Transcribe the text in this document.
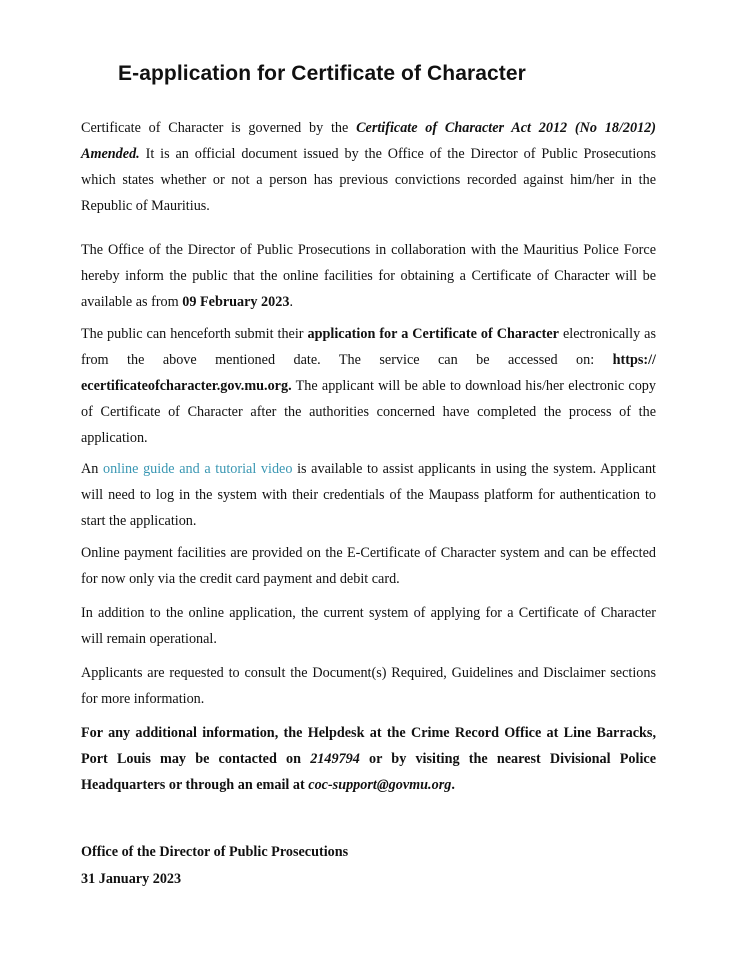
E-application for Certificate of Character

Certificate of Character is governed by the Certificate of Character Act 2012 (No 18/2012) Amended. It is an official document issued by the Office of the Director of Public Prosecutions which states whether or not a person has previous convictions recorded against him/her in the Republic of Mauritius.

The Office of the Director of Public Prosecutions in collaboration with the Mauritius Police Force hereby inform the public that the online facilities for obtaining a Certificate of Character will be available as from 09 February 2023.

The public can henceforth submit their application for a Certificate of Character electronically as from the above mentioned date. The service can be accessed on: https:// ecertificateofcharacter.gov.mu.org. The applicant will be able to download his/her electronic copy of Certificate of Character after the authorities concerned have completed the process of the application.

An online guide and a tutorial video is available to assist applicants in using the system. Applicant will need to log in the system with their credentials of the Maupass platform for authentication to start the application.

Online payment facilities are provided on the E-Certificate of Character system and can be effected for now only via the credit card payment and debit card.

In addition to the online application, the current system of applying for a Certificate of Character will remain operational.

Applicants are requested to consult the Document(s) Required, Guidelines and Disclaimer sections for more information.

For any additional information, the Helpdesk at the Crime Record Office at Line Barracks, Port Louis may be contacted on 2149794 or by visiting the nearest Divisional Police Headquarters or through an email at coc-support@govmu.org.

Office of the Director of Public Prosecutions

31 January 2023
